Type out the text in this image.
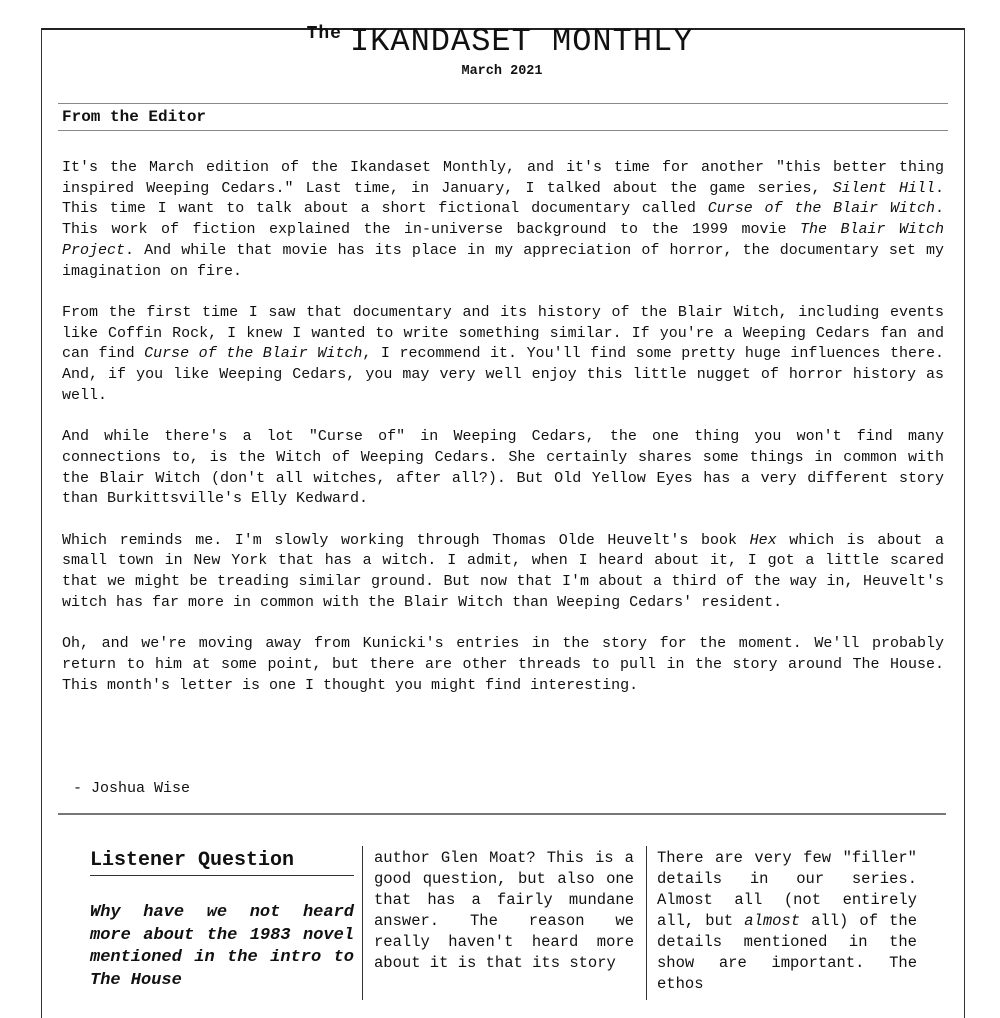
$^{The}$ IKANDASET MONTHLY
March 2021
From the Editor

It's the March edition of the Ikandaset Monthly, and it's time for another "this better thing inspired Weeping Cedars." Last time, in January, I talked about the game series, Silent Hill. This time I want to talk about a short fictional documentary called Curse of the Blair Witch. This work of fiction explained the in-universe background to the 1999 movie The Blair Witch Project. And while that movie has its place in my appreciation of horror, the documentary set my imagination on fire.

From the first time I saw that documentary and its history of the Blair Witch, including events like Coffin Rock, I knew I wanted to write something similar. If you're a Weeping Cedars fan and can find Curse of the Blair Witch, I recommend it. You'll find some pretty huge influences there. And, if you like Weeping Cedars, you may very well enjoy this little nugget of horror history as well.

And while there's a lot "Curse of" in Weeping Cedars, the one thing you won't find many connections to, is the Witch of Weeping Cedars. She certainly shares some things in common with the Blair Witch (don't all witches, after all?). But Old Yellow Eyes has a very different story than Burkittsville's Elly Kedward.

Which reminds me. I'm slowly working through Thomas Olde Heuvelt's book Hex which is about a small town in New York that has a witch. I admit, when I heard about it, I got a little scared that we might be treading similar ground. But now that I'm about a third of the way in, Heuvelt's witch has far more in common with the Blair Witch than Weeping Cedars' resident.

Oh, and we're moving away from Kunicki's entries in the story for the moment. We'll probably return to him at some point, but there are other threads to pull in the story around The House. This month's letter is one I thought you might find interesting.

- Joshua Wise
Listener Question
Why have we not heard more about the 1983 novel mentioned in the intro to The House
author Glen Moat? This is a good question, but also one that has a fairly mundane answer. The reason we really haven't heard more about it is that its story
There are very few "filler" details in our series. Almost all (not entirely all, but almost all) of the details mentioned in the show are important. The ethos
